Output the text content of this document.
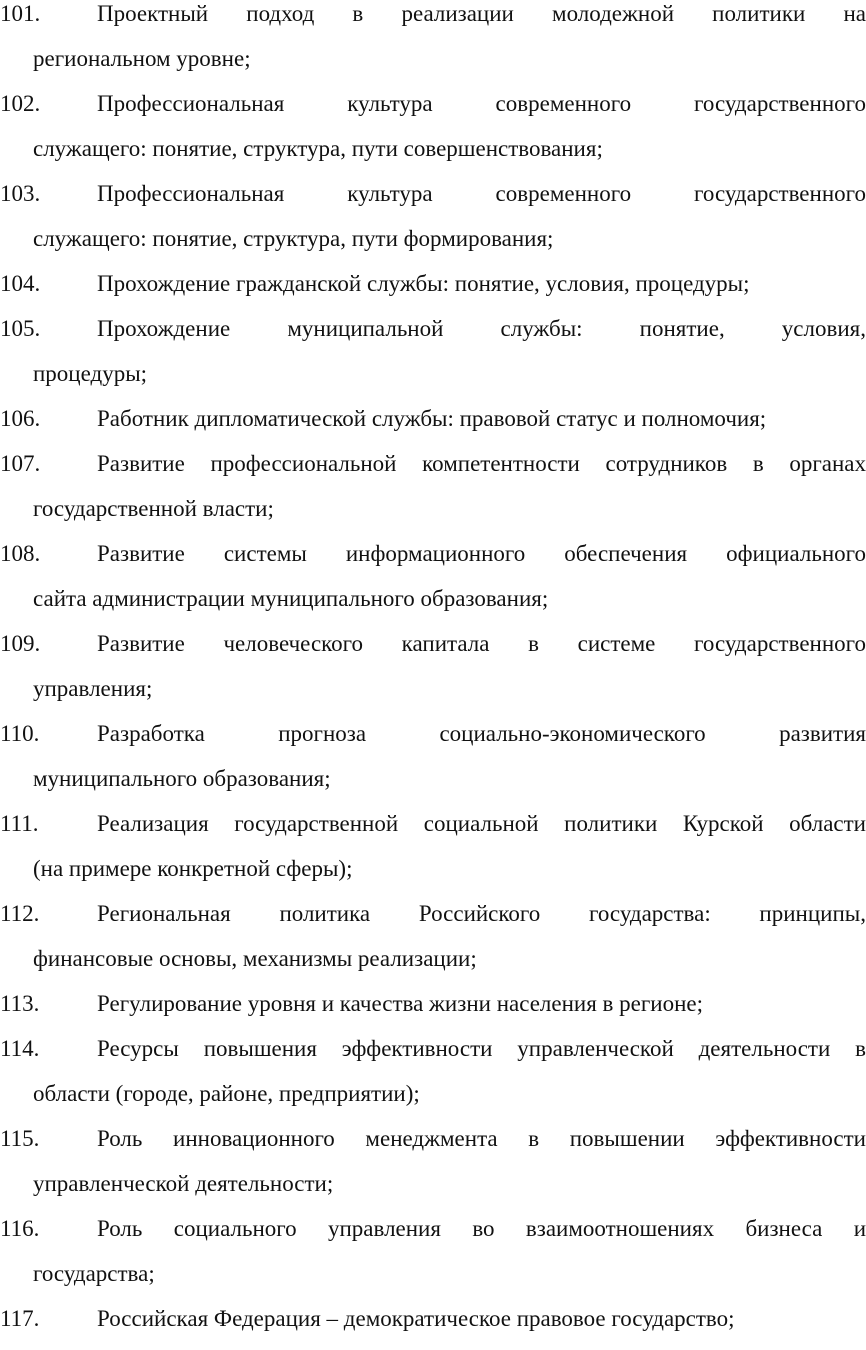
101.	Проектный подход в реализации молодежной политики на
региональном уровне;
102.	Профессиональная культура современного государственного
служащего: понятие, структура, пути совершенствования;
103.	Профессиональная культура современного государственного
служащего: понятие, структура, пути формирования;
104.	Прохождение гражданской службы: понятие, условия, процедуры;
105.	Прохождение муниципальной службы: понятие, условия,
процедуры;
106.	Работник дипломатической службы: правовой статус и полномочия;
107.	Развитие профессиональной компетентности сотрудников в органах
государственной власти;
108.	Развитие системы информационного обеспечения официального
сайта администрации муниципального образования;
109.	Развитие человеческого капитала в системе государственного
управления;
110.	Разработка прогноза социально-экономического развития
муниципального образования;
111.	Реализация государственной социальной политики Курской области
(на примере конкретной сферы);
112.	Региональная политика Российского государства: принципы,
финансовые основы, механизмы реализации;
113.	Регулирование уровня и качества жизни населения в регионе;
114.	Ресурсы повышения эффективности управленческой деятельности в
области (городе, районе, предприятии);
115.	Роль инновационного менеджмента в повышении эффективности
управленческой деятельности;
116.	Роль социального управления во взаимоотношениях бизнеса и
государства;
117.	Российская Федерация – демократическое правовое государство;
